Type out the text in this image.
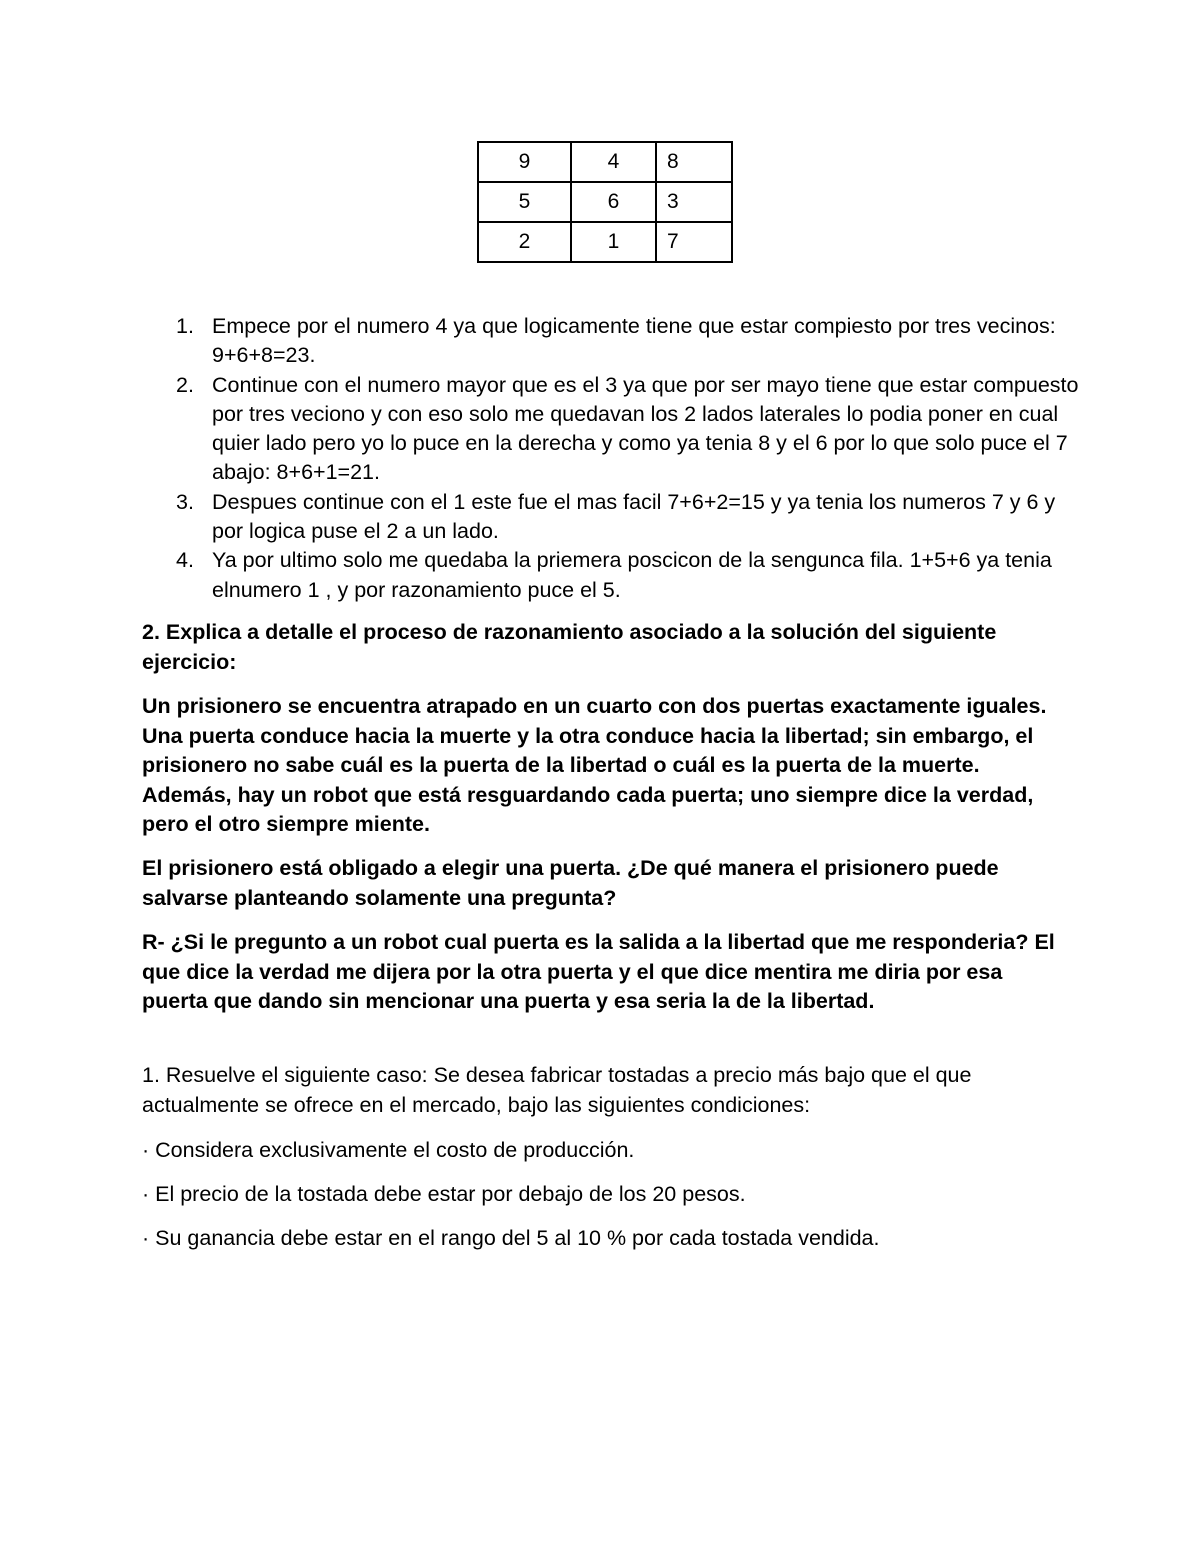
9	4	8
5	6	3
2	1	7
1. Empece por el numero 4 ya que logicamente tiene que estar compiesto por tres vecinos: 9+6+8=23.
2. Continue con el numero mayor que es el 3 ya que por ser mayo tiene que estar compuesto por tres veciono y con eso solo me quedavan los 2 lados laterales lo podia poner en cual quier lado pero yo lo puce en la derecha y como ya tenia 8 y el 6 por lo que solo puce el 7 abajo: 8+6+1=21.
3. Despues continue con el 1 este fue el mas facil 7+6+2=15 y ya tenia los numeros 7 y 6 y por logica puse el 2 a un lado.
4. Ya por ultimo solo me quedaba la priemera poscicon de la sengunca fila. 1+5+6 ya tenia elnumero 1 , y por razonamiento puce el 5.

2. Explica a detalle el proceso de razonamiento asociado a la solución del siguiente ejercicio:

Un prisionero se encuentra atrapado en un cuarto con dos puertas exactamente iguales. Una puerta conduce hacia la muerte y la otra conduce hacia la libertad; sin embargo, el prisionero no sabe cuál es la puerta de la libertad o cuál es la puerta de la muerte. Además, hay un robot que está resguardando cada puerta; uno siempre dice la verdad, pero el otro siempre miente.

El prisionero está obligado a elegir una puerta. ¿De qué manera el prisionero puede salvarse planteando solamente una pregunta?

R- ¿Si le pregunto a un robot cual puerta es la salida a la libertad que me responderia? El que dice la verdad me dijera por la otra puerta y el que dice mentira me diria por esa puerta que dando sin mencionar una puerta y esa seria la de la libertad.

1. Resuelve el siguiente caso: Se desea fabricar tostadas a precio más bajo que el que actualmente se ofrece en el mercado, bajo las siguientes condiciones:

· Considera exclusivamente el costo de producción.

· El precio de la tostada debe estar por debajo de los 20 pesos.

· Su ganancia debe estar en el rango del 5 al 10 % por cada tostada vendida.
